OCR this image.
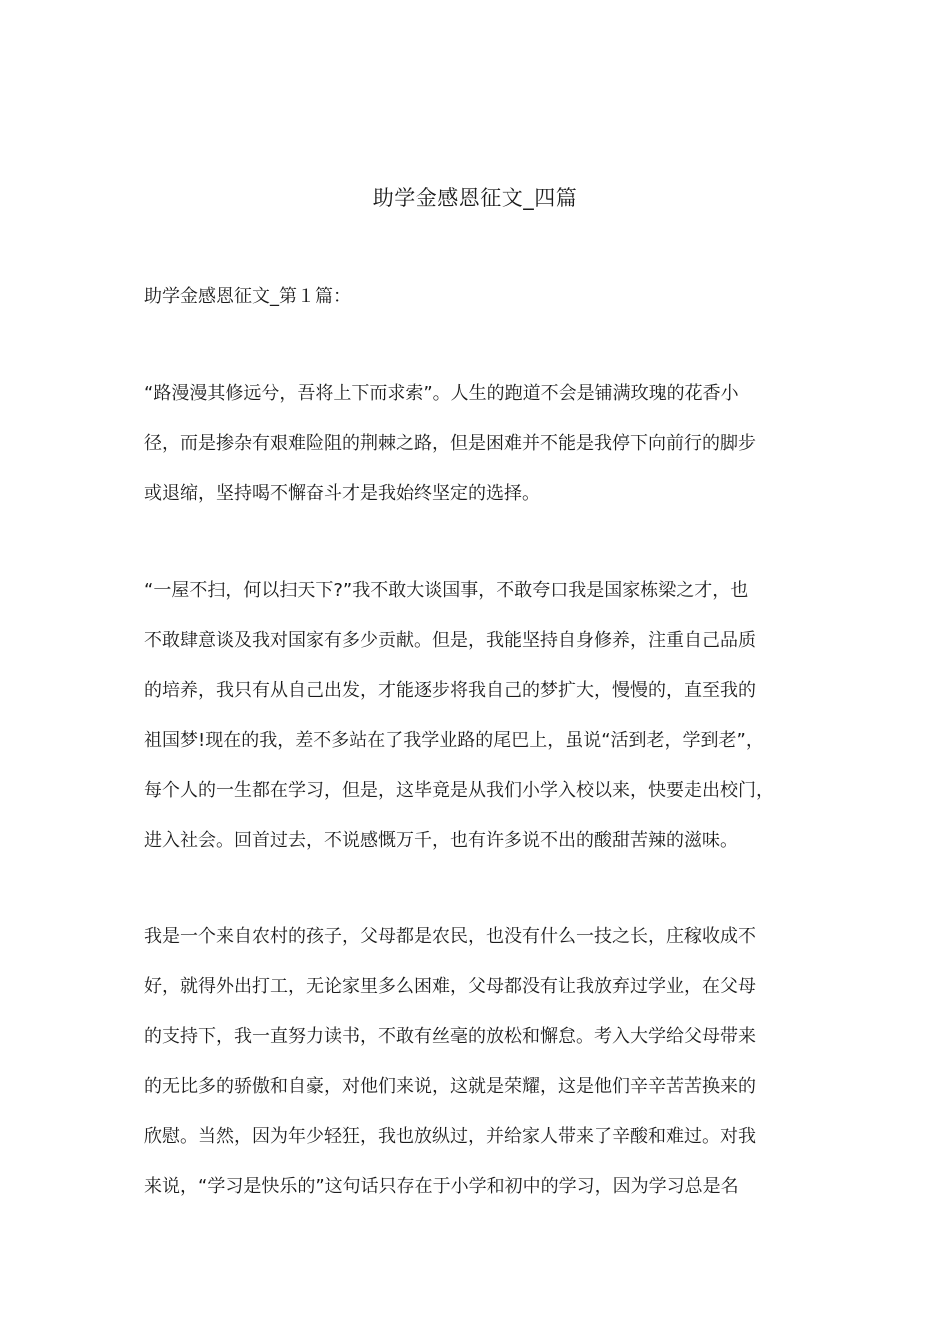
助学金感恩征文_四篇
助学金感恩征文_第１篇：
“路漫漫其修远兮，吾将上下而求索”。人生的跑道不会是铺满玫瑰的花香小
径，而是掺杂有艰难险阻的荆棘之路，但是困难并不能是我停下向前行的脚步
或退缩，坚持喝不懈奋斗才是我始终坚定的选择。
“一屋不扫，何以扫天下?”我不敢大谈国事，不敢夸口我是国家栋梁之才，也
不敢肆意谈及我对国家有多少贡献。但是，我能坚持自身修养，注重自己品质
的培养，我只有从自己出发，才能逐步将我自己的梦扩大，慢慢的，直至我的
祖国梦!现在的我，差不多站在了我学业路的尾巴上，虽说“活到老，学到老”，
每个人的一生都在学习，但是，这毕竟是从我们小学入校以来，快要走出校门，
进入社会。回首过去，不说感慨万千，也有许多说不出的酸甜苦辣的滋味。
我是一个来自农村的孩子，父母都是农民，也没有什么一技之长，庄稼收成不
好，就得外出打工，无论家里多么困难，父母都没有让我放弃过学业，在父母
的支持下，我一直努力读书，不敢有丝毫的放松和懈怠。考入大学给父母带来
的无比多的骄傲和自豪，对他们来说，这就是荣耀，这是他们辛辛苦苦换来的
欣慰。当然，因为年少轻狂，我也放纵过，并给家人带来了辛酸和难过。对我
来说，“学习是快乐的”这句话只存在于小学和初中的学习，因为学习总是名
